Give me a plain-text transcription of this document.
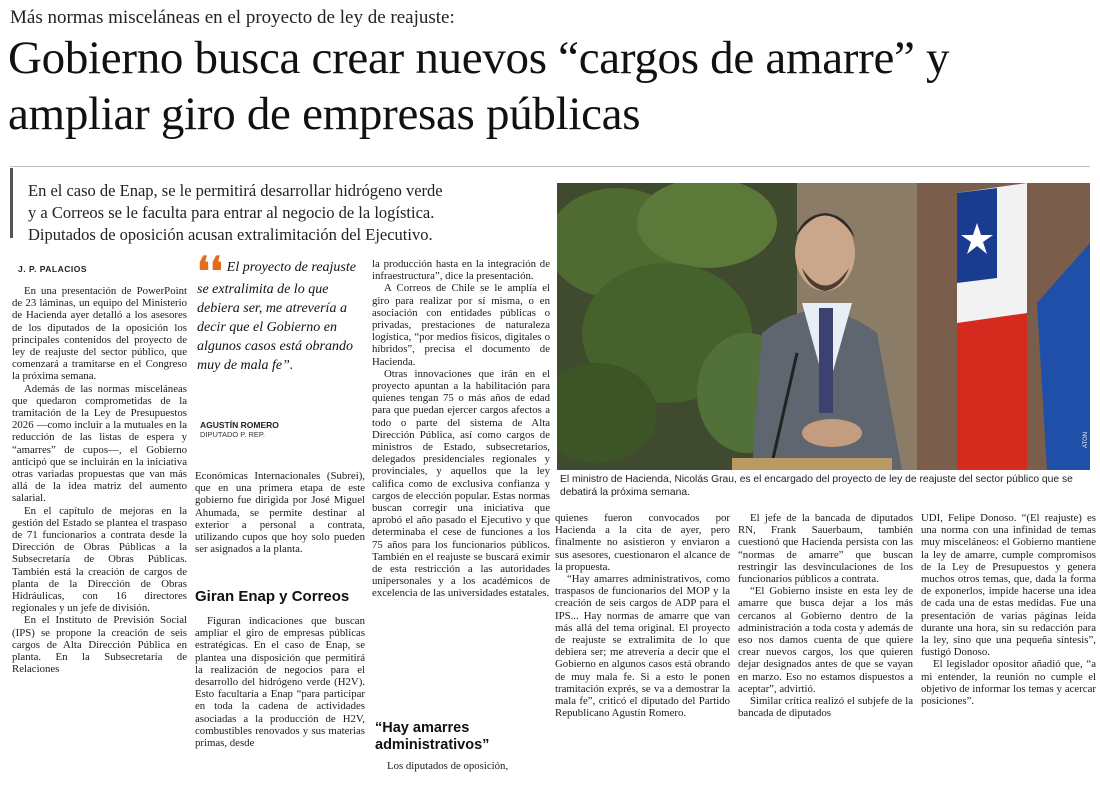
Más normas misceláneas en el proyecto de ley de reajuste:
Gobierno busca crear nuevos “cargos de amarre” y ampliar giro de empresas públicas

En el caso de Enap, se le permitirá desarrollar hidrógeno verde

y a Correos se le faculta para entrar al negocio de la logística.

Diputados de oposición acusan extralimitación del Ejecutivo.

J. P. PALACIOS

En una presentación de PowerPoint de 23 láminas, un equipo del Ministerio de Hacienda ayer detalló a los asesores de los diputados de la oposición los principales contenidos del proyecto de ley de reajuste del sector público, que comenzará a tramitarse en el Congreso la próxima semana.

Además de las normas misceláneas que quedaron comprometidas de la tramitación de la Ley de Presupuestos 2026 —como incluir a la mutuales en la reducción de las listas de espera y “amarres” de cupos—, el Gobierno anticipó que se incluirán en la iniciativa otras variadas propuestas que van más allá de la idea matriz del aumento salarial.

En el capítulo de mejoras en la gestión del Estado se plantea el traspaso de 71 funcionarios a contrata desde la Dirección de Obras Públicas a la Subsecretaría de Obras Públicas. También está la creación de cargos de planta de la Dirección de Obras Hidráulicas, con 16 directores regionales y un jefe de división.

En el Instituto de Previsión Social (IPS) se propone la creación de seis cargos de Alta Dirección Pública en planta. En la Subsecretaría de Relaciones

❛❛ El proyecto de reajuste se extralimita de lo que debiera ser, me atrevería a decir que el Gobierno en algunos casos está obrando muy de mala fe”.
AGUSTÍN ROMERO
DIPUTADO P. REP.

Económicas Internacionales (Subrei), que en una primera etapa de este gobierno fue dirigida por José Miguel Ahumada, se permite destinar al exterior a personal a contrata, utilizando cupos que hoy solo pueden ser asignados a la planta.

Giran Enap y Correos

Figuran indicaciones que buscan ampliar el giro de empresas públicas estratégicas. En el caso de Enap, se plantea una disposición que permitirá la realización de negocios para el desarrollo del hidrógeno verde (H2V). Esto facultaría a Enap “para participar en toda la cadena de actividades asociadas a la producción de H2V, combustibles renovados y sus materias primas, desde

la producción hasta en la integración de infraestructura”, dice la presentación.

A Correos de Chile se le amplía el giro para realizar por sí misma, o en asociación con entidades públicas o privadas, prestaciones de naturaleza logística, “por medios físicos, digitales o híbridos”, precisa el documento de Hacienda.

Otras innovaciones que irán en el proyecto apuntan a la habilitación para quienes tengan 75 o más años de edad para que puedan ejercer cargos afectos a todo o parte del sistema de Alta Dirección Pública, así como cargos de ministros de Estado, subsecretarios, delegados presidenciales regionales y provinciales, y aquellos que la ley califica como de exclusiva confianza y cargos de elección popular. Estas normas buscan corregir una iniciativa que aprobó el año pasado el Ejecutivo y que determinaba el cese de funciones a los 75 años para los funcionarios públicos. También en el reajuste se buscará eximir de esta restricción a las autoridades unipersonales y a los académicos de excelencia de las universidades estatales.

“Hay amarres administrativos”

Los diputados de oposición,

ATON
El ministro de Hacienda, Nicolás Grau, es el encargado del proyecto de ley de reajuste del sector público que se debatirá la próxima semana.

quienes fueron convocados por Hacienda a la cita de ayer, pero finalmente no asistieron y enviaron a sus asesores, cuestionaron el alcance de la propuesta.

“Hay amarres administrativos, como traspasos de funcionarios del MOP y la creación de seis cargos de ADP para el IPS... Hay normas de amarre que van más allá del tema original. El proyecto de reajuste se extralimita de lo que debiera ser; me atrevería a decir que el Gobierno en algunos casos está obrando de muy mala fe. Si a esto le ponen tramitación exprés, se va a demostrar la mala fe”, criticó el diputado del Partido Republicano Agustín Romero.

El jefe de la bancada de diputados RN, Frank Sauerbaum, también cuestionó que Hacienda persista con las “normas de amarre” que buscan restringir las desvinculaciones de los funcionarios públicos a contrata.

“El Gobierno insiste en esta ley de amarre que busca dejar a los más cercanos al Gobierno dentro de la administración a toda costa y además de eso nos damos cuenta de que quiere crear nuevos cargos, los que quieren dejar designados antes de que se vayan en marzo. Eso no estamos dispuestos a aceptar”, advirtió.

Similar crítica realizó el subjefe de la bancada de diputados

UDI, Felipe Donoso. “(El reajuste) es una norma con una infinidad de temas muy misceláneos: el Gobierno mantiene la ley de amarre, cumple compromisos de la Ley de Presupuestos y genera muchos otros temas, que, dada la forma de exponerlos, impide hacerse una idea de cada una de estas medidas. Fue una presentación de varias páginas leída durante una hora, sin su redacción para la ley, sino que una pequeña síntesis”, fustigó Donoso.

El legislador opositor añadió que, “a mi entender, la reunión no cumple el objetivo de informar los temas y acercar posiciones”.
